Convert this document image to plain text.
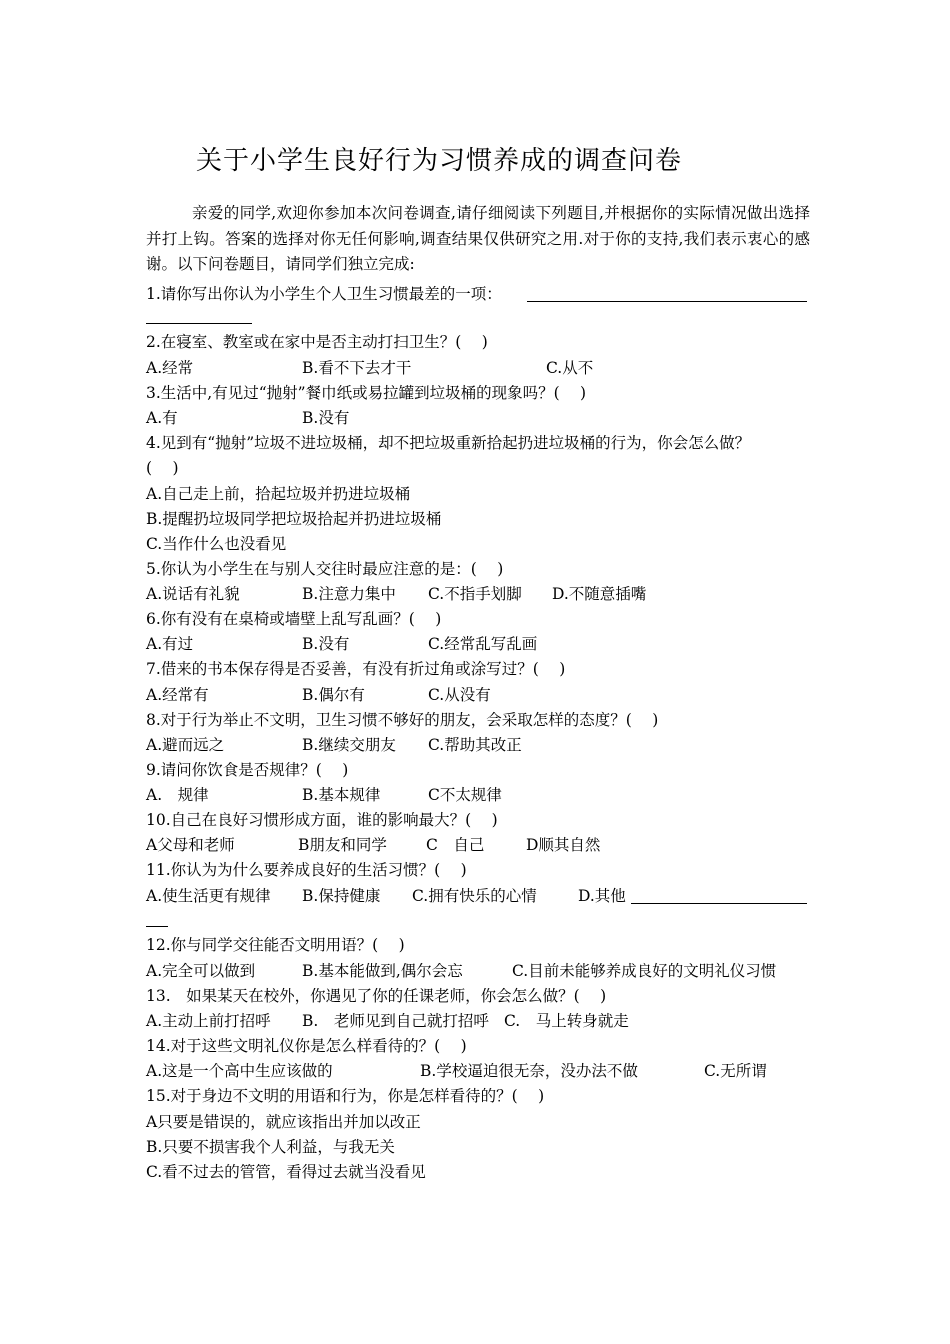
关于小学生良好行为习惯养成的调查问卷
亲爱的同学,欢迎你参加本次问卷调查,请仔细阅读下列题目,并根据你的实际情况做出选择并打上钩。答案的选择对你无任何影响,调查结果仅供研究之用.对于你的支持,我们表示衷心的感谢。以下问卷题目，请同学们独立完成:
1.请你写出你认为小学生个人卫生习惯最差的一项：
2.在寝室、教室或在家中是否主动打扫卫生？(　 )
A.经常	B.看不下去才干	C.从不
3.生活中,有见过“抛射”餐巾纸或易拉罐到垃圾桶的现象吗？(　 )
A.有	B.没有
4.见到有“抛射”垃圾不进垃圾桶，却不把垃圾重新拾起扔进垃圾桶的行为，你会怎么做？
(　 )
A.自己走上前，拾起垃圾并扔进垃圾桶
B.提醒扔垃圾同学把垃圾拾起并扔进垃圾桶
C.当作什么也没看见
5.你认为小学生在与别人交往时最应注意的是：(　 )
A.说话有礼貌	B.注意力集中 C.不指手划脚 D.不随意插嘴
6.你有没有在桌椅或墙壁上乱写乱画？(　 )
A.有过	B.没有	C.经常乱写乱画
7.借来的书本保存得是否妥善，有没有折过角或涂写过？(　 )
A.经常有	B.偶尔有	C.从没有
8.对于行为举止不文明，卫生习惯不够好的朋友，会采取怎样的态度？(　 )
A.避而远之	B.继续交朋友 C.帮助其改正
9.请问你饮食是否规律？(　 )
A.　规律	B.基本规律	C不太规律
10.自己在良好习惯形成方面，谁的影响最大？(　 )
A父母和老师	B朋友和同学	C　自己	D顺其自然
11.你认为为什么要养成良好的生活习惯？(　 )
A.使生活更有规律 B.保持健康 C.拥有快乐的心情	D.其他
12.你与同学交往能否文明用语？(　 )
A.完全可以做到	B.基本能做到,偶尔会忘	C.目前未能够养成良好的文明礼仪习惯
13.　如果某天在校外，你遇见了你的任课老师，你会怎么做？(　 )
A.主动上前打招呼 B.　老师见到自己就打招呼 C.　马上转身就走
14.对于这些文明礼仪你是怎么样看待的？(　 )
A.这是一个高中生应该做的	B.学校逼迫很无奈，没办法不做	C.无所谓
15.对于身边不文明的用语和行为，你是怎样看待的？(　 )
A只要是错误的，就应该指出并加以改正
B.只要不损害我个人利益，与我无关
C.看不过去的管管，看得过去就当没看见
